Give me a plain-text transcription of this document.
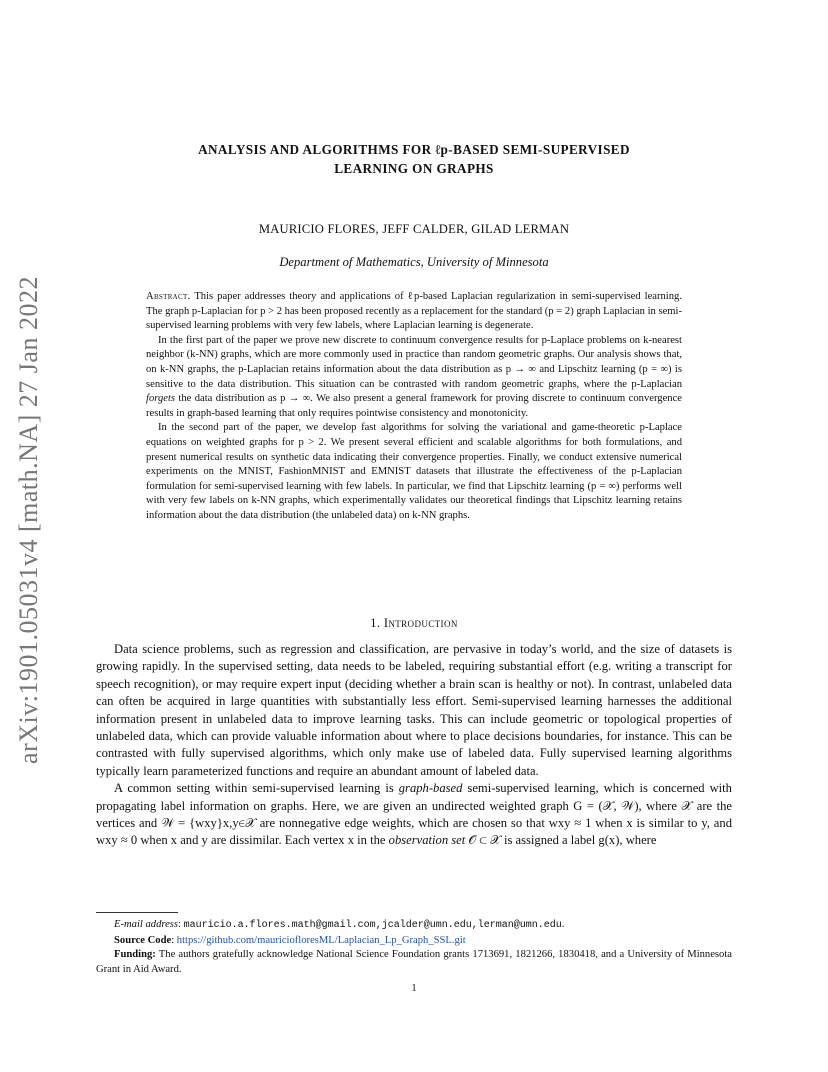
arXiv:1901.05031v4 [math.NA] 27 Jan 2022
ANALYSIS AND ALGORITHMS FOR ℓp-BASED SEMI-SUPERVISED
LEARNING ON GRAPHS
MAURICIO FLORES, JEFF CALDER, GILAD LERMAN
Department of Mathematics, University of Minnesota

Abstract. This paper addresses theory and applications of ℓp-based Laplacian regularization in semi-supervised learning. The graph p-Laplacian for p > 2 has been proposed recently as a replacement for the standard (p = 2) graph Laplacian in semi-supervised learning problems with very few labels, where Laplacian learning is degenerate.

In the first part of the paper we prove new discrete to continuum convergence results for p-Laplace problems on k-nearest neighbor (k-NN) graphs, which are more commonly used in practice than random geometric graphs. Our analysis shows that, on k-NN graphs, the p-Laplacian retains information about the data distribution as p → ∞ and Lipschitz learning (p = ∞) is sensitive to the data distribution. This situation can be contrasted with random geometric graphs, where the p-Laplacian forgets the data distribution as p → ∞. We also present a general framework for proving discrete to continuum convergence results in graph-based learning that only requires pointwise consistency and monotonicity.

In the second part of the paper, we develop fast algorithms for solving the variational and game-theoretic p-Laplace equations on weighted graphs for p > 2. We present several efficient and scalable algorithms for both formulations, and present numerical results on synthetic data indicating their convergence properties. Finally, we conduct extensive numerical experiments on the MNIST, FashionMNIST and EMNIST datasets that illustrate the effectiveness of the p-Laplacian formulation for semi-supervised learning with few labels. In particular, we find that Lipschitz learning (p = ∞) performs well with very few labels on k-NN graphs, which experimentally validates our theoretical findings that Lipschitz learning retains information about the data distribution (the unlabeled data) on k-NN graphs.

1. Introduction

Data science problems, such as regression and classification, are pervasive in today’s world, and the size of datasets is growing rapidly. In the supervised setting, data needs to be labeled, requiring substantial effort (e.g. writing a transcript for speech recognition), or may require expert input (deciding whether a brain scan is healthy or not). In contrast, unlabeled data can often be acquired in large quantities with substantially less effort. Semi-supervised learning harnesses the additional information present in unlabeled data to improve learning tasks. This can include geometric or topological properties of unlabeled data, which can provide valuable information about where to place decisions boundaries, for instance. This can be contrasted with fully supervised algorithms, which only make use of labeled data. Fully supervised learning algorithms typically learn parameterized functions and require an abundant amount of labeled data.

A common setting within semi-supervised learning is graph-based semi-supervised learning, which is concerned with propagating label information on graphs. Here, we are given an undirected weighted graph G = (𝒳, 𝒲), where 𝒳 are the vertices and 𝒲 = {wxy}x,y∈𝒳 are nonnegative edge weights, which are chosen so that wxy ≈ 1 when x is similar to y, and wxy ≈ 0 when x and y are dissimilar. Each vertex x in the observation set 𝒪 ⊂ 𝒳 is assigned a label g(x), where

E-mail address: mauricio.a.flores.math@gmail.com,jcalder@umn.edu,lerman@umn.edu.

Source Code: https://github.com/mauriciofloresML/Laplacian_Lp_Graph_SSL.git

Funding: The authors gratefully acknowledge National Science Foundation grants 1713691, 1821266, 1830418, and a University of Minnesota Grant in Aid Award.

1
